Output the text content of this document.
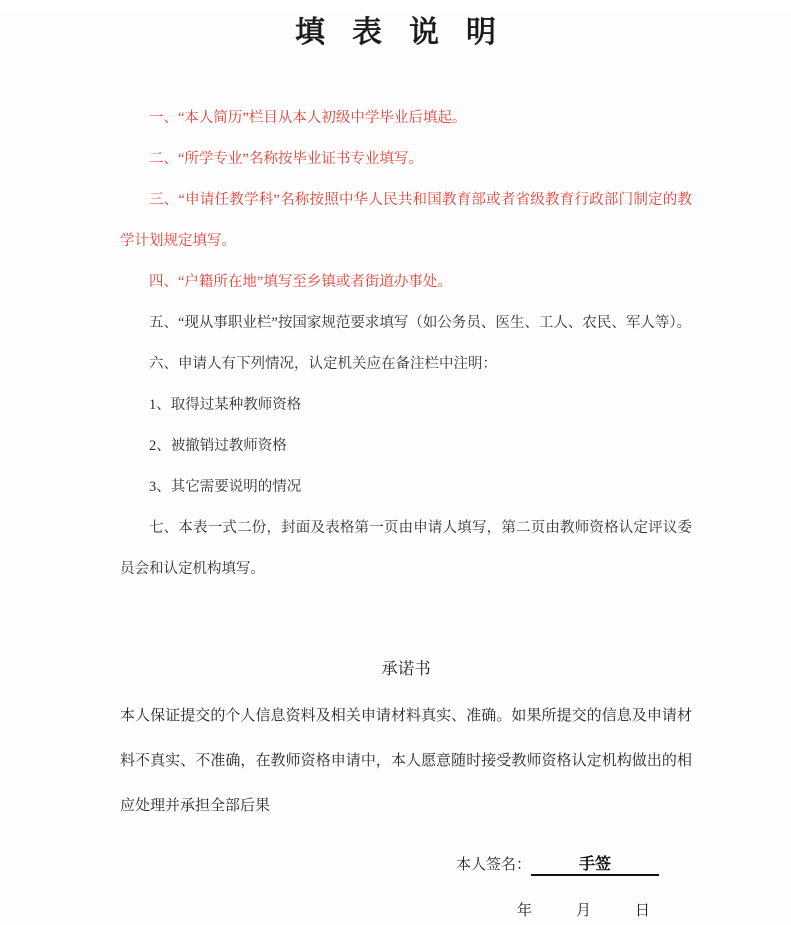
填表说明

一、“本人简历”栏目从本人初级中学毕业后填起。

二、“所学专业”名称按毕业证书专业填写。

三、“申请任教学科”名称按照中华人民共和国教育部或者省级教育行政部门制定的教学计划规定填写。

四、“户籍所在地”填写至乡镇或者街道办事处。

五、“现从事职业栏”按国家规范要求填写（如公务员、医生、工人、农民、军人等）。

六、申请人有下列情况，认定机关应在备注栏中注明：

1、取得过某种教师资格

2、被撤销过教师资格

3、其它需要说明的情况

七、本表一式二份，封面及表格第一页由申请人填写，第二页由教师资格认定评议委员会和认定机构填写。

承诺书

本人保证提交的个人信息资料及相关申请材料真实、准确。如果所提交的信息及申请材料不真实、不准确，在教师资格申请中，本人愿意随时接受教师资格认定机构做出的相应处理并承担全部后果

本人签名：	手签
年	月	日
